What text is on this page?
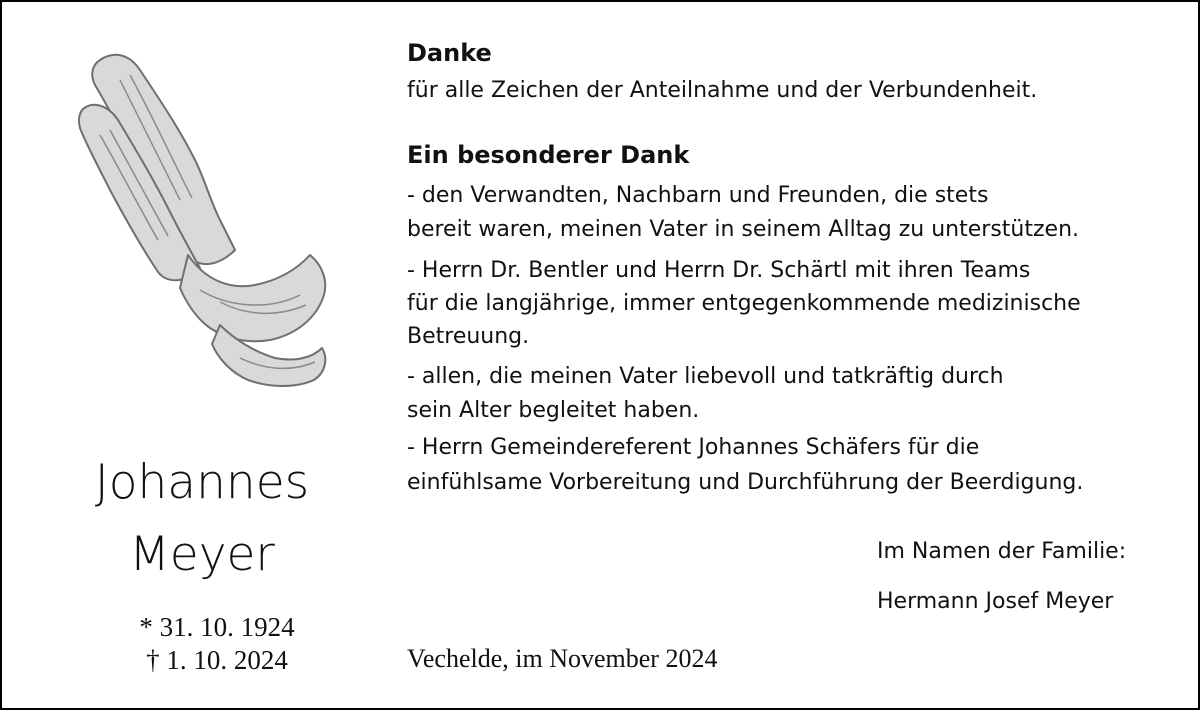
Johannes
Meyer
* 31. 10. 1924
† 1. 10. 2024
Danke
für alle Zeichen der Anteilnahme und der Verbundenheit.
Ein besonderer Dank
- den Verwandten, Nachbarn und Freunden, die stets
bereit waren, meinen Vater in seinem Alltag zu unterstützen.
- Herrn Dr. Bentler und Herrn Dr. Schärtl mit ihren Teams
für die langjährige, immer entgegenkommende medizinische
Betreuung.
- allen, die meinen Vater liebevoll und tatkräftig durch
sein Alter begleitet haben.
- Herrn Gemeindereferent Johannes Schäfers für die
einfühlsame Vorbereitung und Durchführung der Beerdigung.
Im Namen der Familie:
Hermann Josef Meyer
Vechelde, im November 2024
